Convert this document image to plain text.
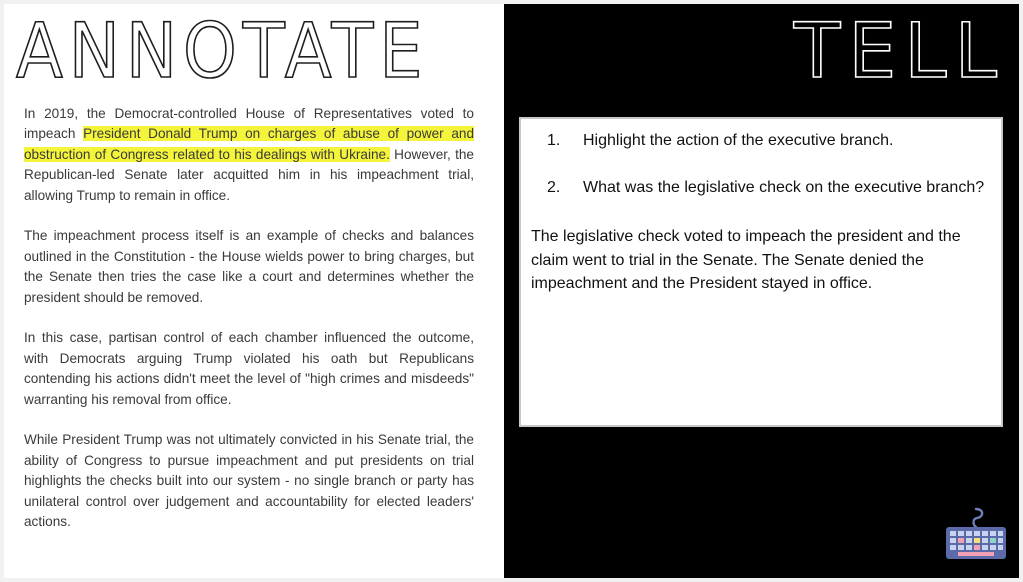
ANNOTATE	TELL

In 2019, the Democrat-controlled House of Representatives voted to impeach President Donald Trump on charges of abuse of power and obstruction of Congress related to his dealings with Ukraine. However, the Republican-led Senate later acquitted him in his impeachment trial, allowing Trump to remain in office.

The impeachment process itself is an example of checks and balances outlined in the Constitution - the House wields power to bring charges, but the Senate then tries the case like a court and determines whether the president should be removed.

In this case, partisan control of each chamber influenced the outcome, with Democrats arguing Trump violated his oath but Republicans contending his actions didn't meet the level of "high crimes and misdeeds" warranting his removal from office.

While President Trump was not ultimately convicted in his Senate trial, the ability of Congress to pursue impeachment and put presidents on trial highlights the checks built into our system - no single branch or party has unilateral control over judgement and accountability for elected leaders' actions.

1. Highlight the action of the executive branch.
2. What was the legislative check on the executive branch?
The legislative check voted to impeach the president and the claim went to trial in the Senate. The Senate denied the impeachment and the President stayed in office.
